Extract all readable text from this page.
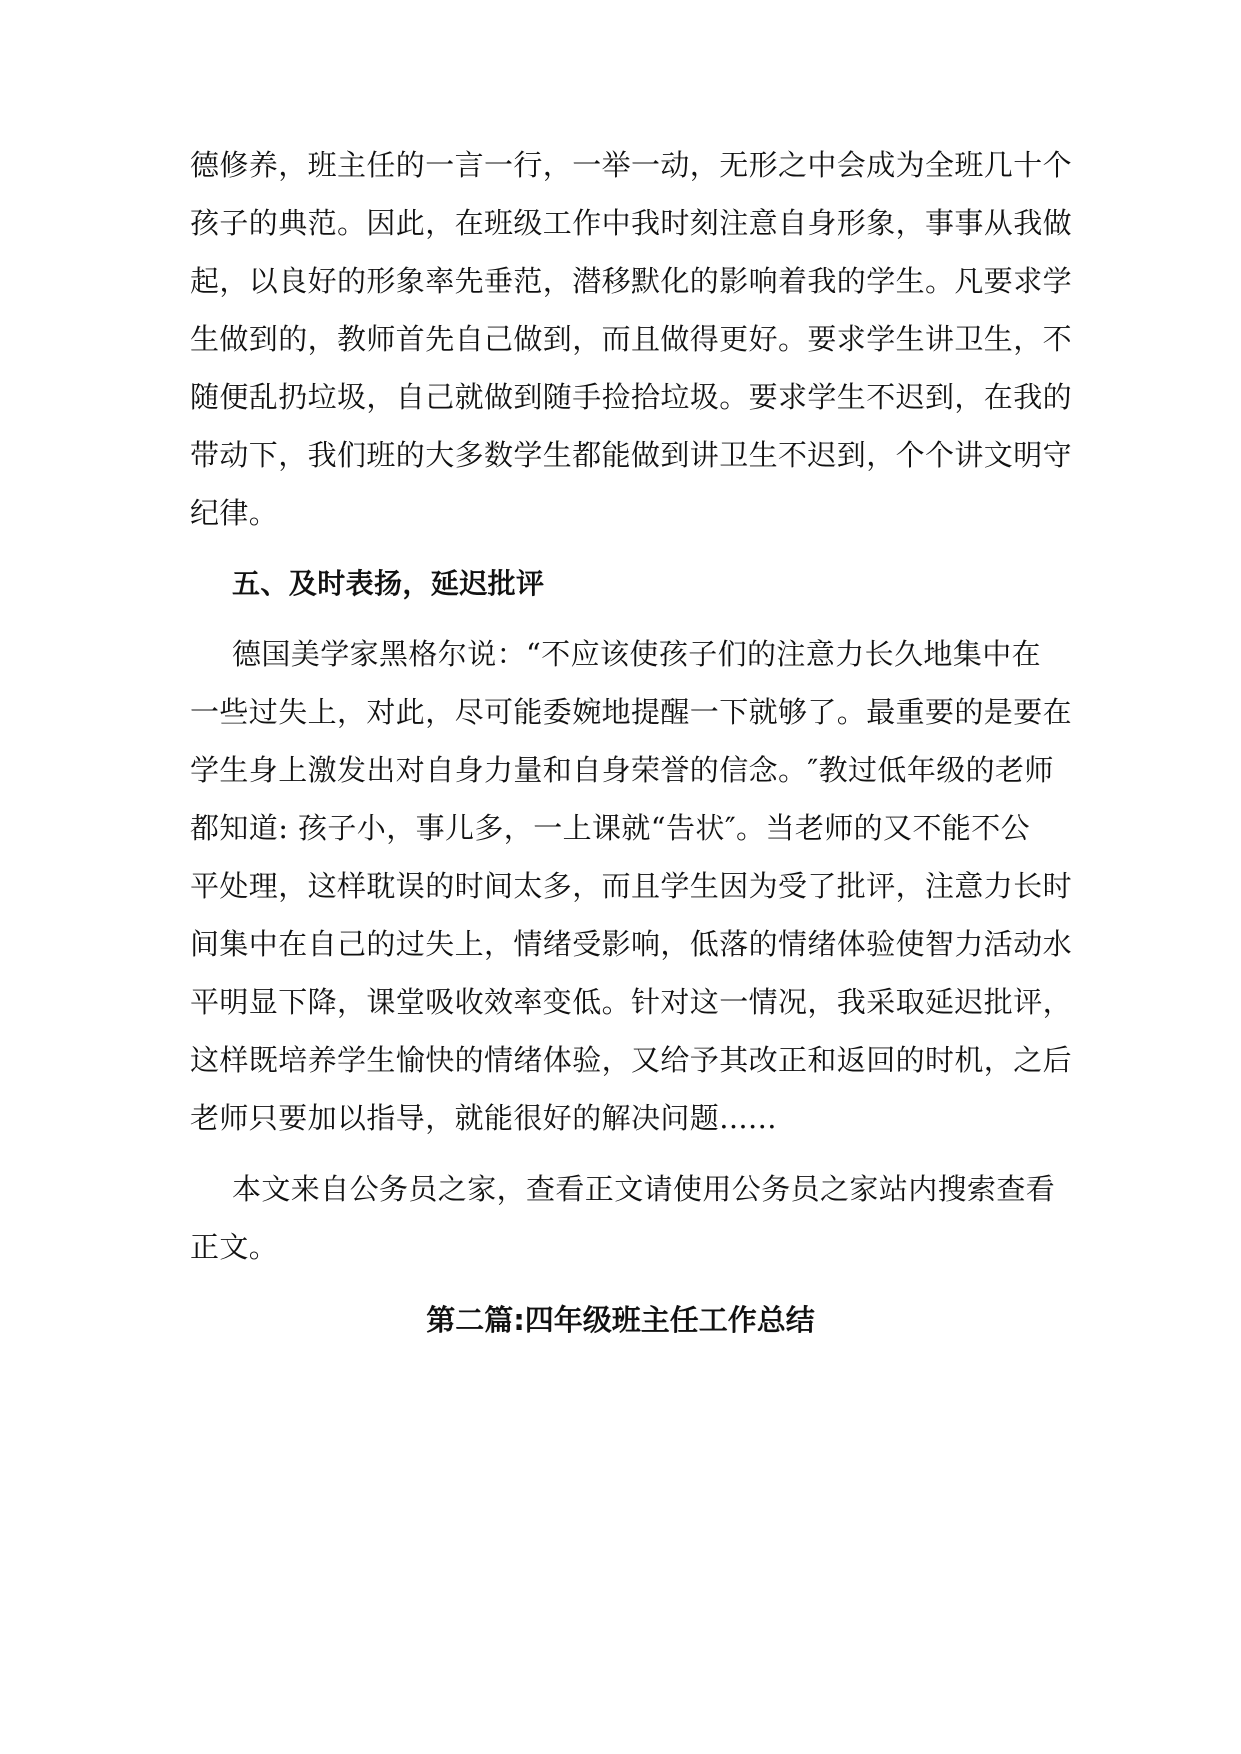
德修养，班主任的一言一行，一举一动，无形之中会成为全班几十个
孩子的典范。因此，在班级工作中我时刻注意自身形象，事事从我做
起，以良好的形象率先垂范，潜移默化的影响着我的学生。凡要求学
生做到的，教师首先自己做到，而且做得更好。要求学生讲卫生，不
随便乱扔垃圾，自己就做到随手捡拾垃圾。要求学生不迟到，在我的
带动下，我们班的大多数学生都能做到讲卫生不迟到，个个讲文明守
纪律。
五、及时表扬，延迟批评
德国美学家黑格尔说：“不应该使孩子们的注意力长久地集中在
一些过失上，对此，尽可能委婉地提醒一下就够了。最重要的是要在
学生身上激发出对自身力量和自身荣誉的信念。″教过低年级的老师
都知道: 孩子小，事儿多，一上课就“告状″。当老师的又不能不公
平处理，这样耽误的时间太多，而且学生因为受了批评，注意力长时
间集中在自己的过失上，情绪受影响，低落的情绪体验使智力活动水
平明显下降，课堂吸收效率变低。针对这一情况，我采取延迟批评，
这样既培养学生愉快的情绪体验，又给予其改正和返回的时机，之后
老师只要加以指导，就能很好的解决问题......
本文来自公务员之家，查看正文请使用公务员之家站内搜索查看
正文。
第二篇:四年级班主任工作总结
